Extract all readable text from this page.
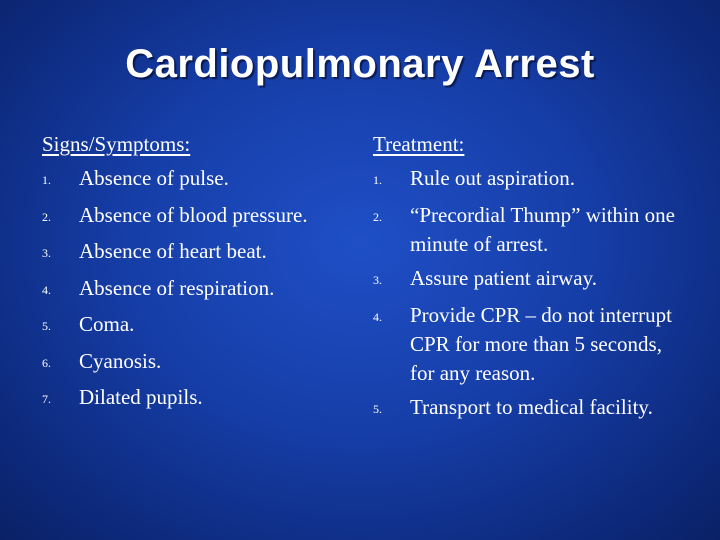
Cardiopulmonary Arrest
Signs/Symptoms:
1.	Absence of pulse.
2.	Absence of blood pressure.
3.	Absence of heart beat.
4.	Absence of respiration.
5.	Coma.
6.	Cyanosis.
7.	Dilated pupils.
Treatment:
1.	Rule out aspiration.
2.	“Precordial Thump” within one minute of arrest.
3.	Assure patient airway.
4.	Provide CPR – do not interrupt CPR for more than 5 seconds, for any reason.
5.	Transport to medical facility.
